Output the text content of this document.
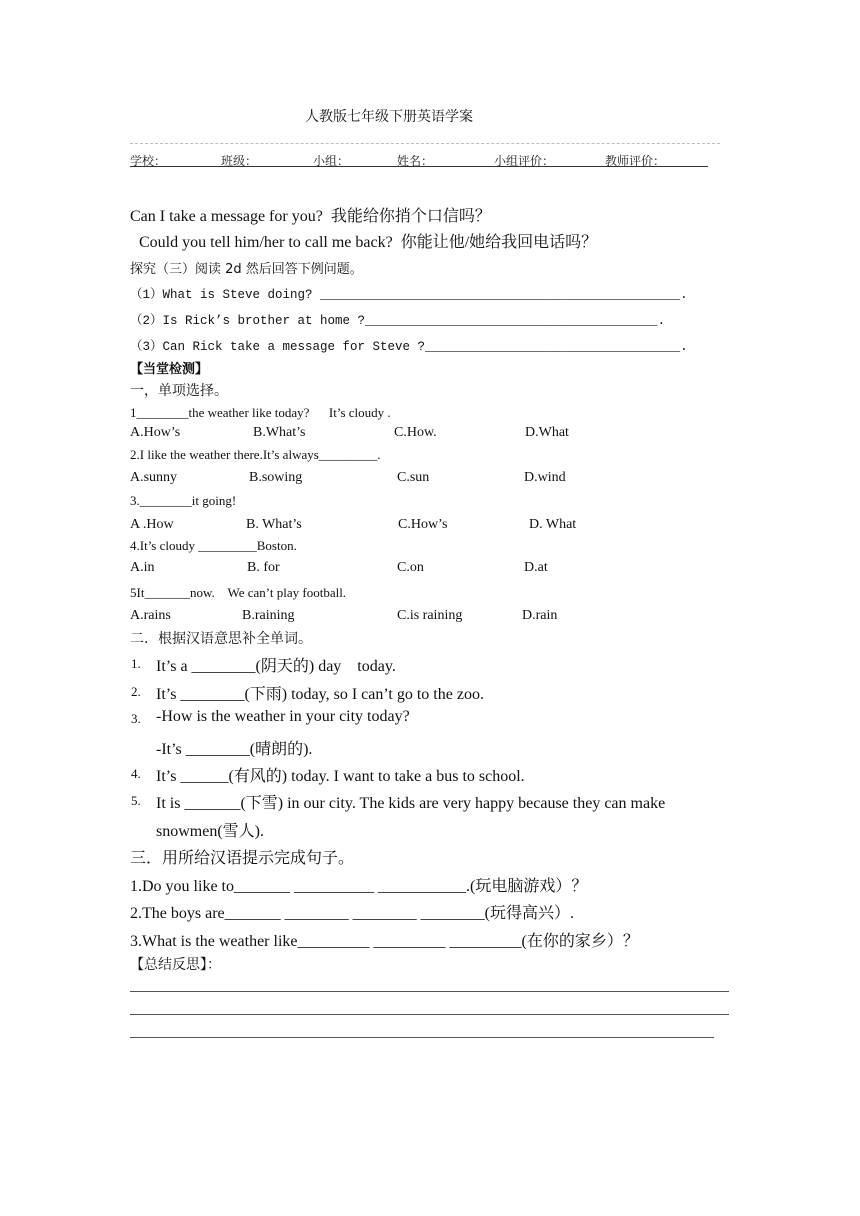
人教版七年级下册英语学案
学校：	班级：	小组：	姓名：	小组评价：	教师评价：
Can I take a message for you?  我能给你捎个口信吗？
Could you tell him/her to call me back?  你能让他/她给我回电话吗？
探究（三）阅读 2d 然后回答下例问题。
（1）What is Steve doing? ________________________________________________.
（2）Is Rick’s brother at home ?_______________________________________.
（3）Can Rick take a message for Steve ?__________________________________.
【当堂检测】
一，单项选择。
1________the weather like today?      It’s cloudy .
A.How’s	B.What’s	C.How.	D.What
2.I like the weather there.It’s always_________.
A.sunny	B.sowing	C.sun	D.wind
3.________it going!
A .How	B. What’s	C.How’s	D. What
4.It’s cloudy _________Boston.
A.in	B. for	C.on	D.at
5It_______now.    We can’t play football.
A.rains	B.raining	C.is raining	D.rain
二．根据汉语意思补全单词。
1. It’s a ________(阴天的) day    today.
2. It’s ________(下雨) today, so I can’t go to the zoo.
3. -How is the weather in your city today?
-It’s ________(晴朗的).
4. It’s ______(有风的) today. I want to take a bus to school.
5. It is _______(下雪) in our city. The kids are very happy because they can make
snowmen(雪人).
三．用所给汉语提示完成句子。
1.Do you like to_______ __________ ___________.(玩电脑游戏）？
2.The boys are_______ ________ ________ ________(玩得高兴）.
3.What is the weather like_________ _________ _________(在你的家乡）？
【总结反思】：
